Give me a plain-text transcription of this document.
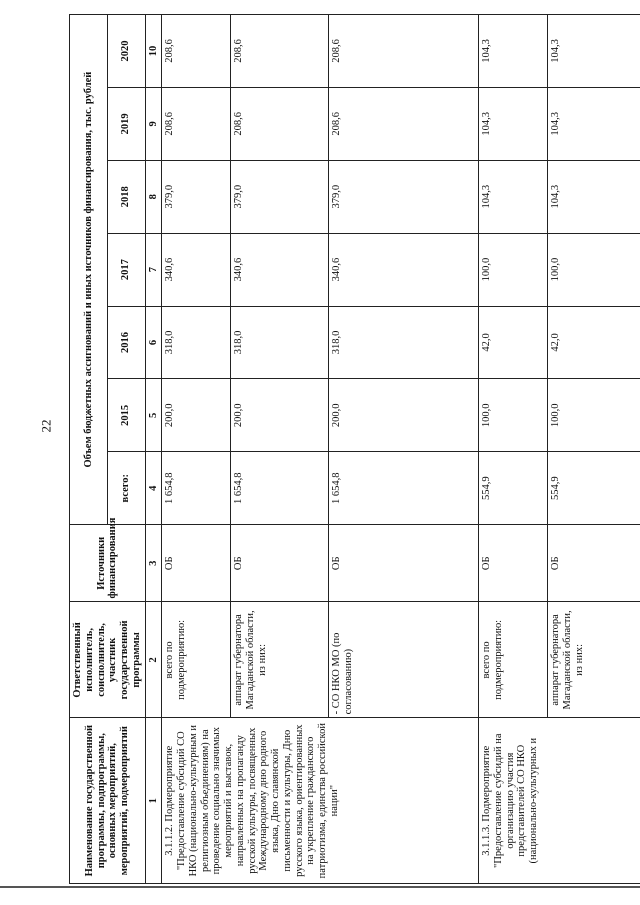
22
Наименование государственной программы, подпрограммы, основных мероприятий, мероприятий, подмероприятий	Ответственный исполнитель, соисполнитель, участник государственной программы	Источники финансирования	Объем бюджетных ассигнований и иных источников финансирования, тыс. рублей						
			всего:	2015	2016	2017	2018	2019	2020
1	2	3	4	5	6	7	8	9	10
3.1.1.2. Подмероприятие "Предоставление субсидий СО НКО (национально-культурным и религиозным объединениям) на проведение социально значимых мероприятий и выставок, направленных на пропаганду русской культуры, посвященных Международному дню родного языка, Дню славянской письменности и культуры, Дню русского языка, ориентированных на укрепление гражданского патриотизма, единства российской нации"	всего по подмероприятию:	ОБ	1 654,8	200,0	318,0	340,6	379,0	208,6	208,6
	аппарат губернатора Магаданской области, из них:	ОБ	1 654,8	200,0	318,0	340,6	379,0	208,6	208,6
	- СО НКО МО (по согласованию)	ОБ	1 654,8	200,0	318,0	340,6	379,0	208,6	208,6
3.1.1.3. Подмероприятие "Предоставление субсидий на организацию участия представителей СО НКО (национально-культурных и	всего по подмероприятию:	ОБ	554,9	100,0	42,0	100,0	104,3	104,3	104,3
	аппарат губернатора Магаданской области, из них:	ОБ	554,9	100,0	42,0	100,0	104,3	104,3	104,3
